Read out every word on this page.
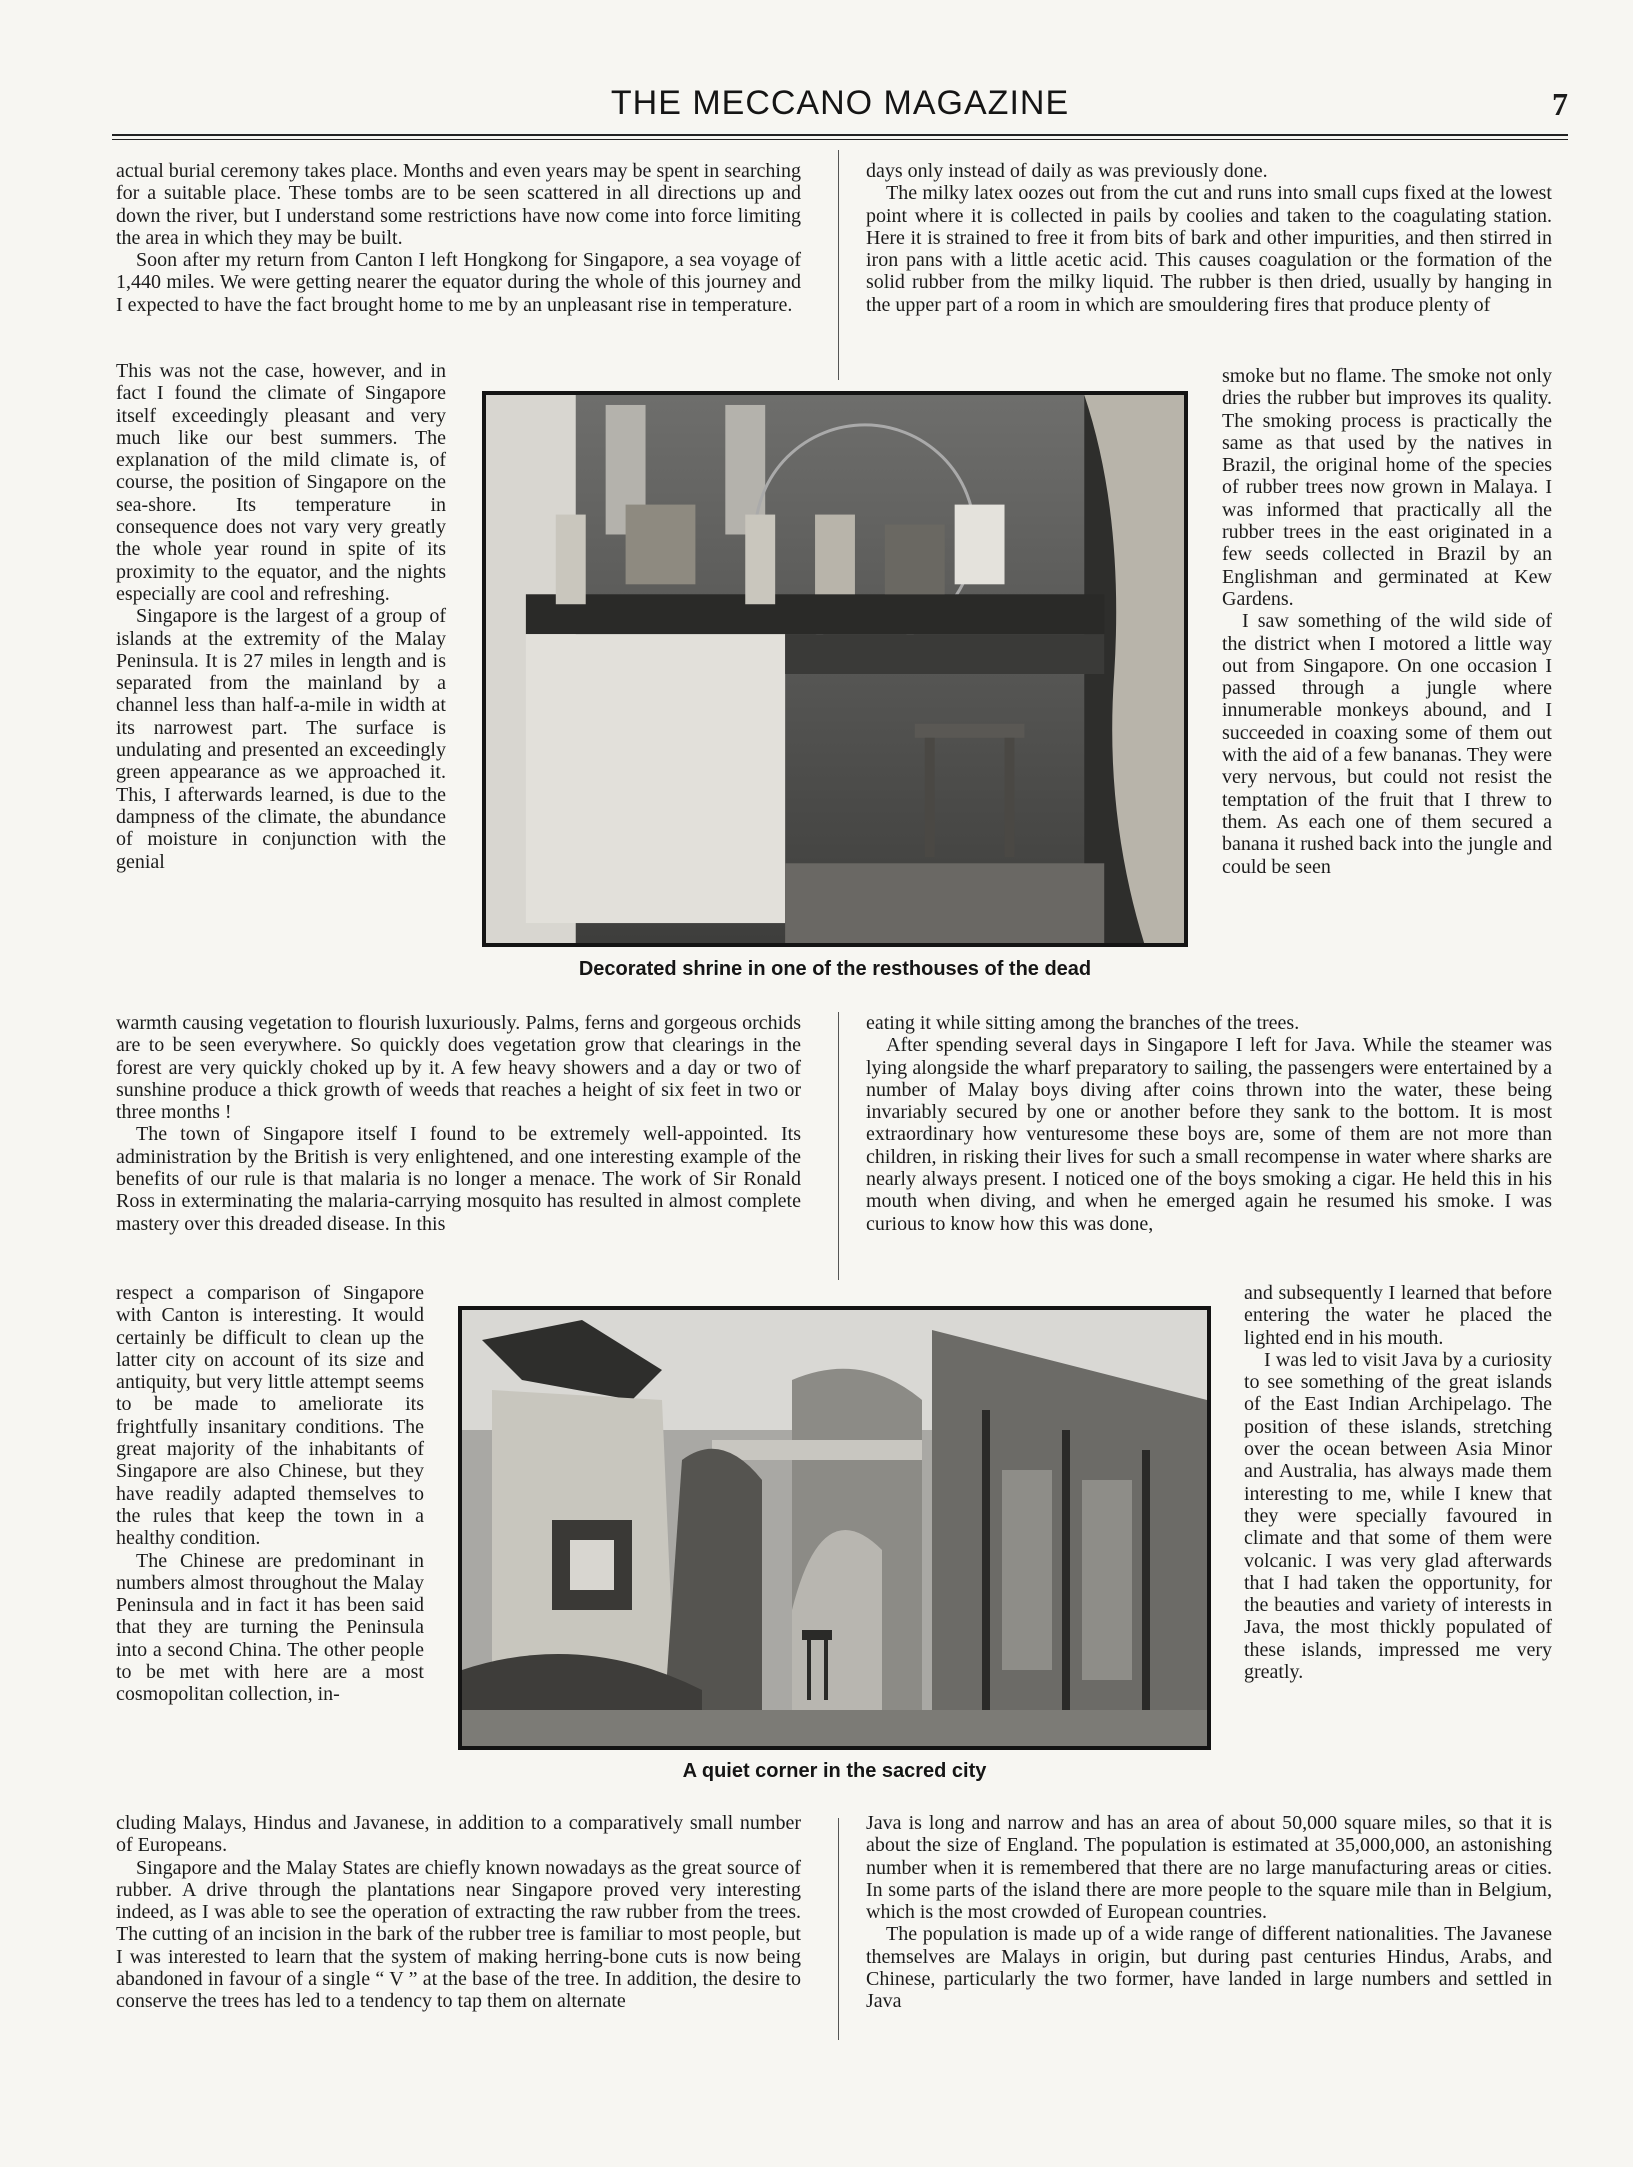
THE MECCANO MAGAZINE	7

actual burial ceremony takes place. Months and even years may be spent in searching for a suitable place. These tombs are to be seen scattered in all directions up and down the river, but I understand some restrictions have now come into force limiting the area in which they may be built.

Soon after my return from Canton I left Hongkong for Singapore, a sea voyage of 1,440 miles. We were getting nearer the equator during the whole of this journey and I expected to have the fact brought home to me by an unpleasant rise in temperature.

This was not the case, however, and in fact I found the climate of Singapore itself exceedingly pleasant and very much like our best summers. The explanation of the mild climate is, of course, the position of Singapore on the sea-shore. Its temperature in consequence does not vary very greatly the whole year round in spite of its proximity to the equator, and the nights especially are cool and refreshing.

Singapore is the largest of a group of islands at the extremity of the Malay Peninsula. It is 27 miles in length and is separated from the mainland by a channel less than half-a-mile in width at its narrowest part. The surface is undulating and presented an exceedingly green appearance as we approached it. This, I afterwards learned, is due to the dampness of the climate, the abundance of moisture in conjunction with the genial

warmth causing vegetation to flourish luxuriously. Palms, ferns and gorgeous orchids are to be seen everywhere. So quickly does vegetation grow that clearings in the forest are very quickly choked up by it. A few heavy showers and a day or two of sunshine produce a thick growth of weeds that reaches a height of six feet in two or three months !

The town of Singapore itself I found to be extremely well-appointed. Its administration by the British is very enlightened, and one interesting example of the benefits of our rule is that malaria is no longer a menace. The work of Sir Ronald Ross in exterminating the malaria-carrying mosquito has resulted in almost complete mastery over this dreaded disease. In this

respect a comparison of Singapore with Canton is interesting. It would certainly be difficult to clean up the latter city on account of its size and antiquity, but very little attempt seems to be made to ameliorate its frightfully insanitary conditions. The great majority of the inhabitants of Singapore are also Chinese, but they have readily adapted themselves to the rules that keep the town in a healthy condition.

The Chinese are predominant in numbers almost throughout the Malay Peninsula and in fact it has been said that they are turning the Peninsula into a second China. The other people to be met with here are a most cosmopolitan collection, in-

cluding Malays, Hindus and Javanese, in addition to a comparatively small number of Europeans.

Singapore and the Malay States are chiefly known nowadays as the great source of rubber. A drive through the plantations near Singapore proved very interesting indeed, as I was able to see the operation of extracting the raw rubber from the trees. The cutting of an incision in the bark of the rubber tree is familiar to most people, but I was interested to learn that the system of making herring-bone cuts is now being abandoned in favour of a single “ V ” at the base of the tree. In addition, the desire to conserve the trees has led to a tendency to tap them on alternate

days only instead of daily as was previously done.

The milky latex oozes out from the cut and runs into small cups fixed at the lowest point where it is collected in pails by coolies and taken to the coagulating station. Here it is strained to free it from bits of bark and other impurities, and then stirred in iron pans with a little acetic acid. This causes coagulation or the formation of the solid rubber from the milky liquid. The rubber is then dried, usually by hanging in the upper part of a room in which are smouldering fires that produce plenty of

smoke but no flame. The smoke not only dries the rubber but improves its quality. The smoking process is practically the same as that used by the natives in Brazil, the original home of the species of rubber trees now grown in Malaya. I was informed that practically all the rubber trees in the east originated in a few seeds collected in Brazil by an Englishman and germinated at Kew Gardens.

I saw something of the wild side of the district when I motored a little way out from Singapore. On one occasion I passed through a jungle where innumerable monkeys abound, and I succeeded in coaxing some of them out with the aid of a few bananas. They were very nervous, but could not resist the temptation of the fruit that I threw to them. As each one of them secured a banana it rushed back into the jungle and could be seen

eating it while sitting among the branches of the trees.

After spending several days in Singapore I left for Java. While the steamer was lying alongside the wharf preparatory to sailing, the passengers were entertained by a number of Malay boys diving after coins thrown into the water, these being invariably secured by one or another before they sank to the bottom. It is most extraordinary how venturesome these boys are, some of them are not more than children, in risking their lives for such a small recompense in water where sharks are nearly always present. I noticed one of the boys smoking a cigar. He held this in his mouth when diving, and when he emerged again he resumed his smoke. I was curious to know how this was done,

and subsequently I learned that before entering the water he placed the lighted end in his mouth.

I was led to visit Java by a curiosity to see something of the great islands of the East Indian Archipelago. The position of these islands, stretching over the ocean between Asia Minor and Australia, has always made them interesting to me, while I knew that they were specially favoured in climate and that some of them were volcanic. I was very glad afterwards that I had taken the opportunity, for the beauties and variety of interests in Java, the most thickly populated of these islands, impressed me very greatly.

Java is long and narrow and has an area of about 50,000 square miles, so that it is about the size of England. The population is estimated at 35,000,000, an astonishing number when it is remembered that there are no large manufacturing areas or cities. In some parts of the island there are more people to the square mile than in Belgium, which is the most crowded of European countries.

The population is made up of a wide range of different nationalities. The Javanese themselves are Malays in origin, but during past centuries Hindus, Arabs, and Chinese, particularly the two former, have landed in large numbers and settled in Java

Decorated shrine in one of the resthouses of the dead
A quiet corner in the sacred city
